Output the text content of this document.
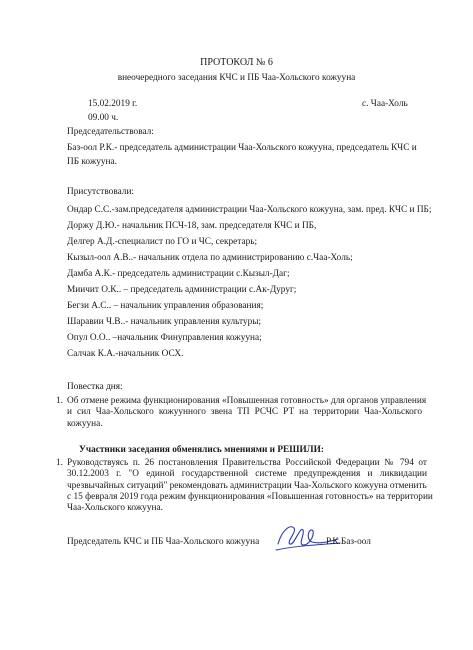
ПРОТОКОЛ № 6
внеочередного заседания КЧС и ПБ Чаа-Хольского кожууна
15.02.2019 г.	с. Чаа-Холь
09.00 ч.
Председательствовал:
Баз-оол Р.К.- председатель администрации Чаа-Хольского кожууна, председатель КЧС и
ПБ кожууна.
Присутствовали:
Ондар С.С.-зам.председателя администрации Чаа-Хольского кожууна, зам. пред. КЧС и ПБ;
Доржу Д.Ю.- начальник ПСЧ-18, зам. председателя КЧС и ПБ,
Делгер А.Д.-специалист по ГО и ЧС, секретарь;
Кызыл-оол А.В..- начальник отдела по администрированию с.Чаа-Холь;
Дамба А.К.- председатель администрации с.Кызыл-Даг;
Миичит О.К.. – председатель администрации с.Ак-Дуруг;
Бегзи А.С.. – начальник управления образования;
Шаравии Ч.В..- начальник управления культуры;
Опул О.О.. –начальник Финуправления кожууна;
Салчак К.А.-начальник ОСХ.
Повестка дня:
1. Об отмене режима функционирования «Повышенная готовность» для органов управления
и сил Чаа-Хольского кожуунного звена ТП РСЧС РТ на территории Чаа-Хольского
кожууна.
Участники заседания обменялись мнениями и РЕШИЛИ:
1. Руководствуясь п. 26 постановления Правительства Российской Федерации № 794 от
30.12.2003 г. "О единой государственной системе предупреждения и ликвидации
чрезвычайных ситуаций" рекомендовать администрации Чаа-Хольского кожууна отменить
с 15 февраля 2019 года режим функционирования «Повышенная готовность» на территории
Чаа-Хольского кожууна.
Председатель КЧС и ПБ Чаа-Хольского кожууна	Р.К.Баз-оол
